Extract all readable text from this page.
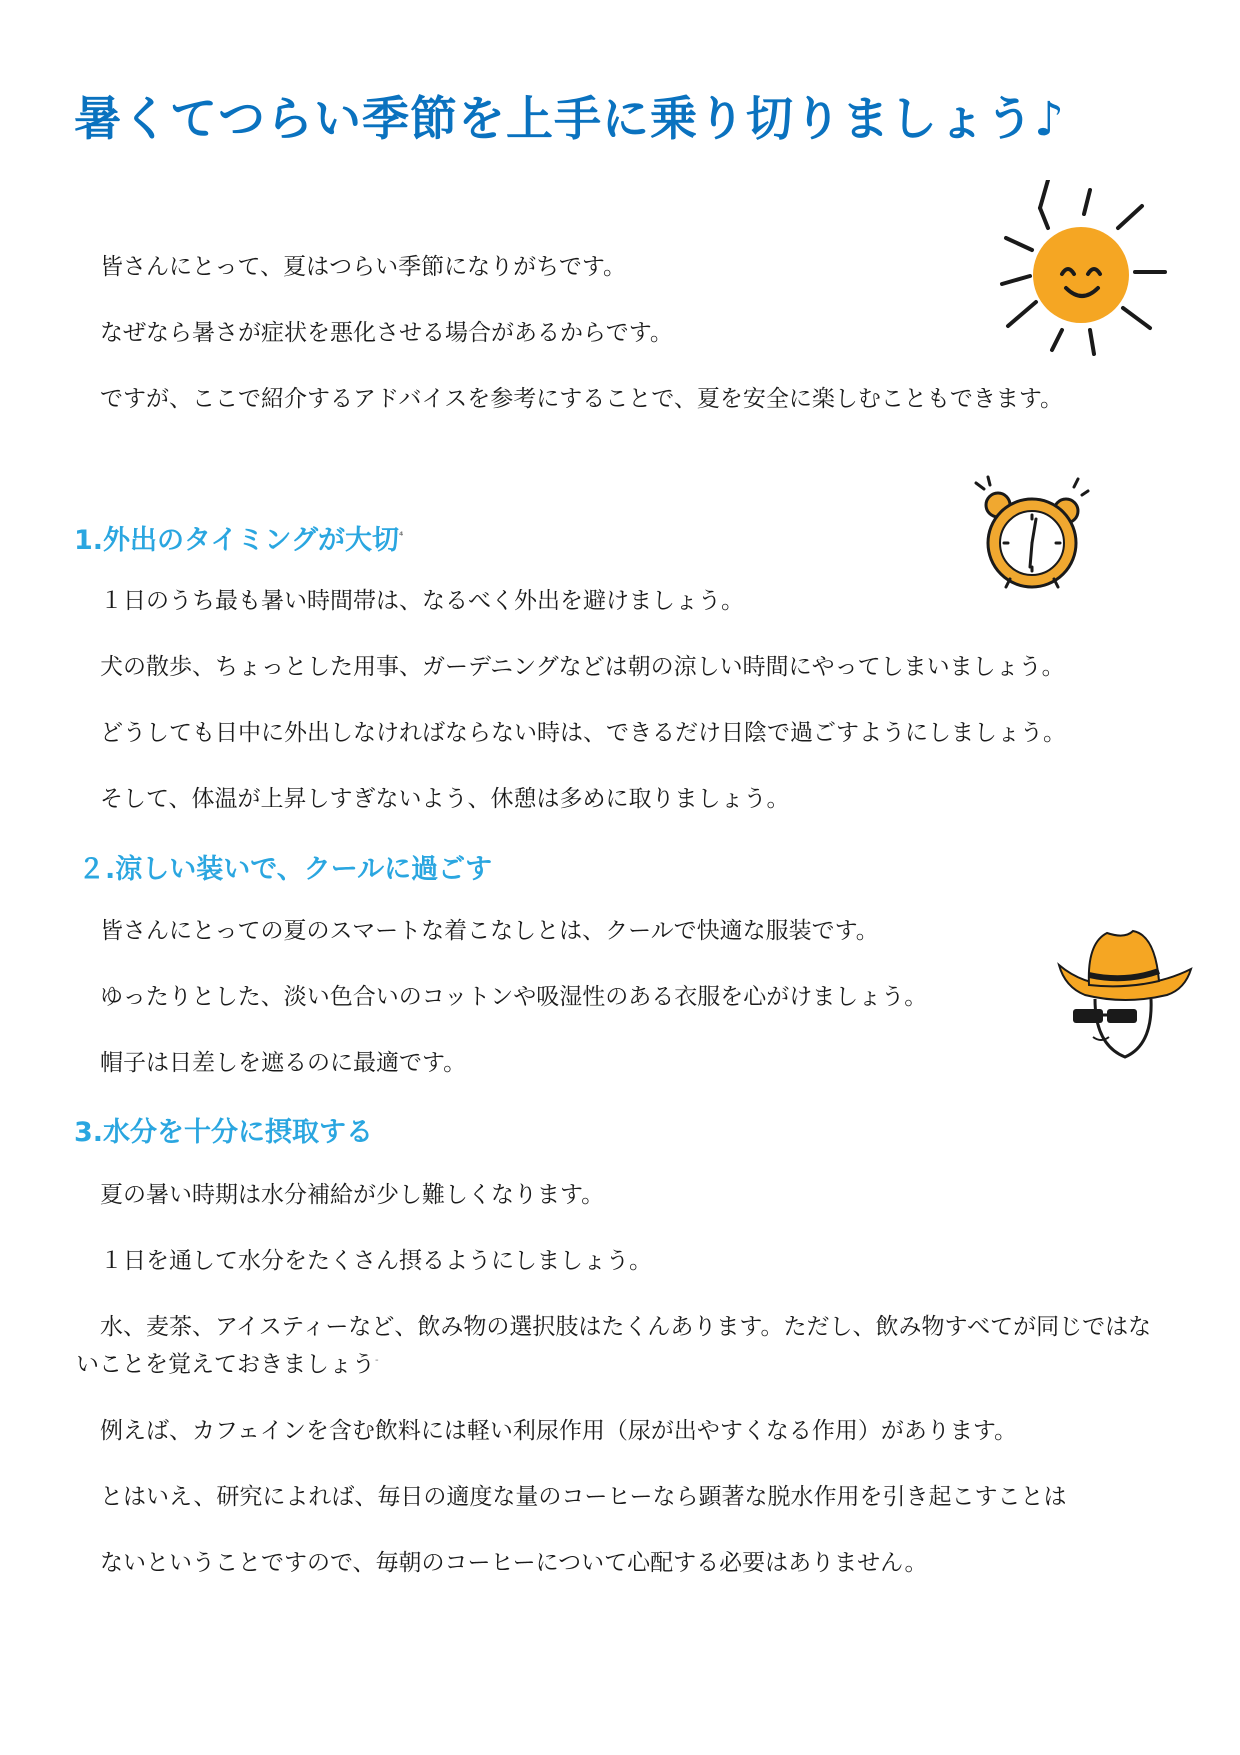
暑くてつらい季節を上手に乗り切りましょう♪

皆さんにとって、夏はつらい季節になりがちです。

なぜなら暑さが症状を悪化させる場合があるからです。

ですが、ここで紹介するアドバイスを参考にすることで、夏を安全に楽しむこともできます。

1.外出のタイミングが大切$^{^4}$

１日のうち最も暑い時間帯は、なるべく外出を避けましょう。

犬の散歩、ちょっとした用事、ガーデニングなどは朝の涼しい時間にやってしまいましょう。

どうしても日中に外出しなければならない時は、できるだけ日陰で過ごすようにしましょう。

そして、体温が上昇しすぎないよう、休憩は多めに取りましょう。

２.涼しい装いで、クールに過ごす

皆さんにとっての夏のスマートな着こなしとは、クールで快適な服装です。

ゆったりとした、淡い色合いのコットンや吸湿性のある衣服を心がけましょう。

帽子は日差しを遮るのに最適です。

3.水分を十分に摂取する

夏の暑い時期は水分補給が少し難しくなります。

１日を通して水分をたくさん摂るようにしましょう。

水、麦茶、アイスティーなど、飲み物の選択肢はたくんあります。ただし、飲み物すべてが同じではないことを覚えておきましょう-

例えば、カフェインを含む飲料には軽い利尿作用（尿が出やすくなる作用）があります。

とはいえ、研究によれば、毎日の適度な量のコーヒーなら顕著な脱水作用を引き起こすことは

ないということですので、毎朝のコーヒーについて心配する必要はありません。
